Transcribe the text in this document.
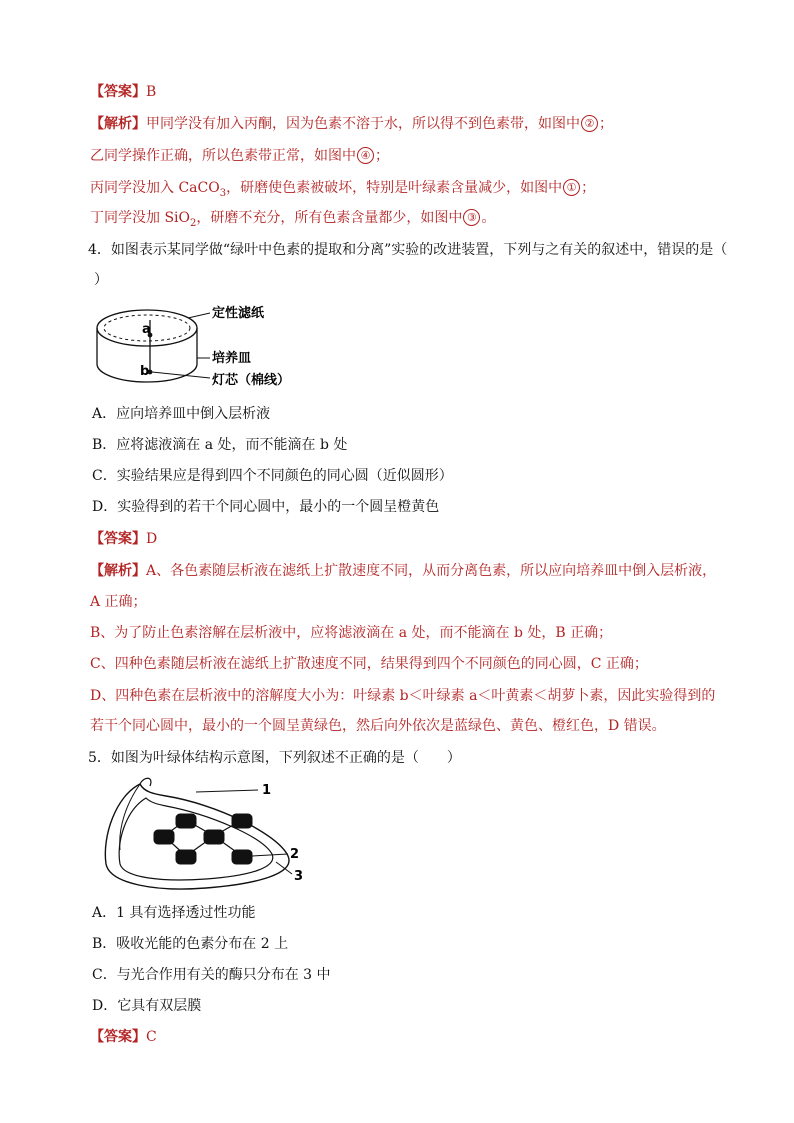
【答案】B
【解析】甲同学没有加入丙酮，因为色素不溶于水，所以得不到色素带，如图中 ② ；
乙同学操作正确，所以色素带正常，如图中 ④ ；
丙同学没加入 CaCO$_3$，研磨使色素被破坏，特别是叶绿素含量减少，如图中 ① ；
丁同学没加 SiO$_2$，研磨不充分，所有色素含量都少，如图中 ③ 。
4．如图表示某同学做“绿叶中色素的提取和分离”实验的改进装置，下列与之有关的叙述中，错误的是（
）
a
b
定性滤纸
培养皿
灯芯（棉线）
A．应向培养皿中倒入层析液
B．应将滤液滴在 a 处，而不能滴在 b 处
C．实验结果应是得到四个不同颜色的同心圆（近似圆形）
D．实验得到的若干个同心圆中，最小的一个圆呈橙黄色
【答案】D
【解析】A、各色素随层析液在滤纸上扩散速度不同，从而分离色素，所以应向培养皿中倒入层析液，
A 正确；
B、为了防止色素溶解在层析液中，应将滤液滴在 a 处，而不能滴在 b 处，B 正确；
C、四种色素随层析液在滤纸上扩散速度不同，结果得到四个不同颜色的同心圆，C 正确；
D、四种色素在层析液中的溶解度大小为：叶绿素 b＜叶绿素 a＜叶黄素＜胡萝卜素，因此实验得到的
若干个同心圆中，最小的一个圆呈黄绿色，然后向外依次是蓝绿色、黄色、橙红色，D 错误。
5．如图为叶绿体结构示意图，下列叙述不正确的是（　　）
1
2
3
A．1 具有选择透过性功能
B．吸收光能的色素分布在 2 上
C．与光合作用有关的酶只分布在 3 中
D．它具有双层膜
【答案】C
